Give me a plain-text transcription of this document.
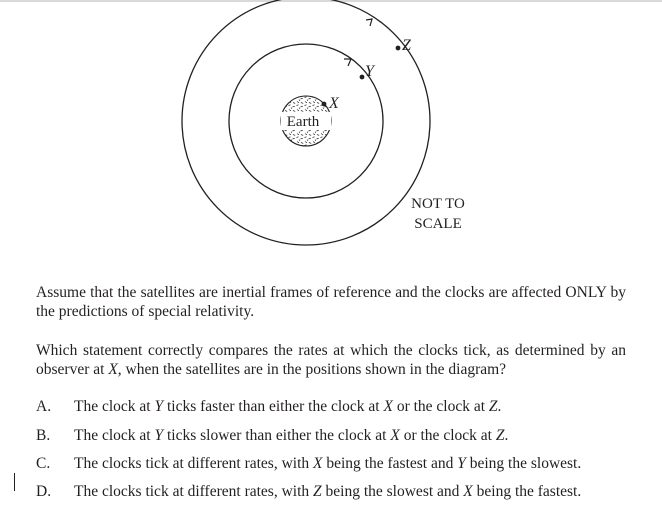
Earth
X
Y
Z
NOT TO
SCALE

Assume that the satellites are inertial frames of reference and the clocks are affected ONLY by the predictions of special relativity.

Which statement correctly compares the rates at which the clocks tick, as determined by an observer at X, when the satellites are in the positions shown in the diagram?

A. The clock at Y ticks faster than either the clock at X or the clock at Z.
B. The clock at Y ticks slower than either the clock at X or the clock at Z.
C. The clocks tick at different rates, with X being the fastest and Y being the slowest.
D. The clocks tick at different rates, with Z being the slowest and X being the fastest.
